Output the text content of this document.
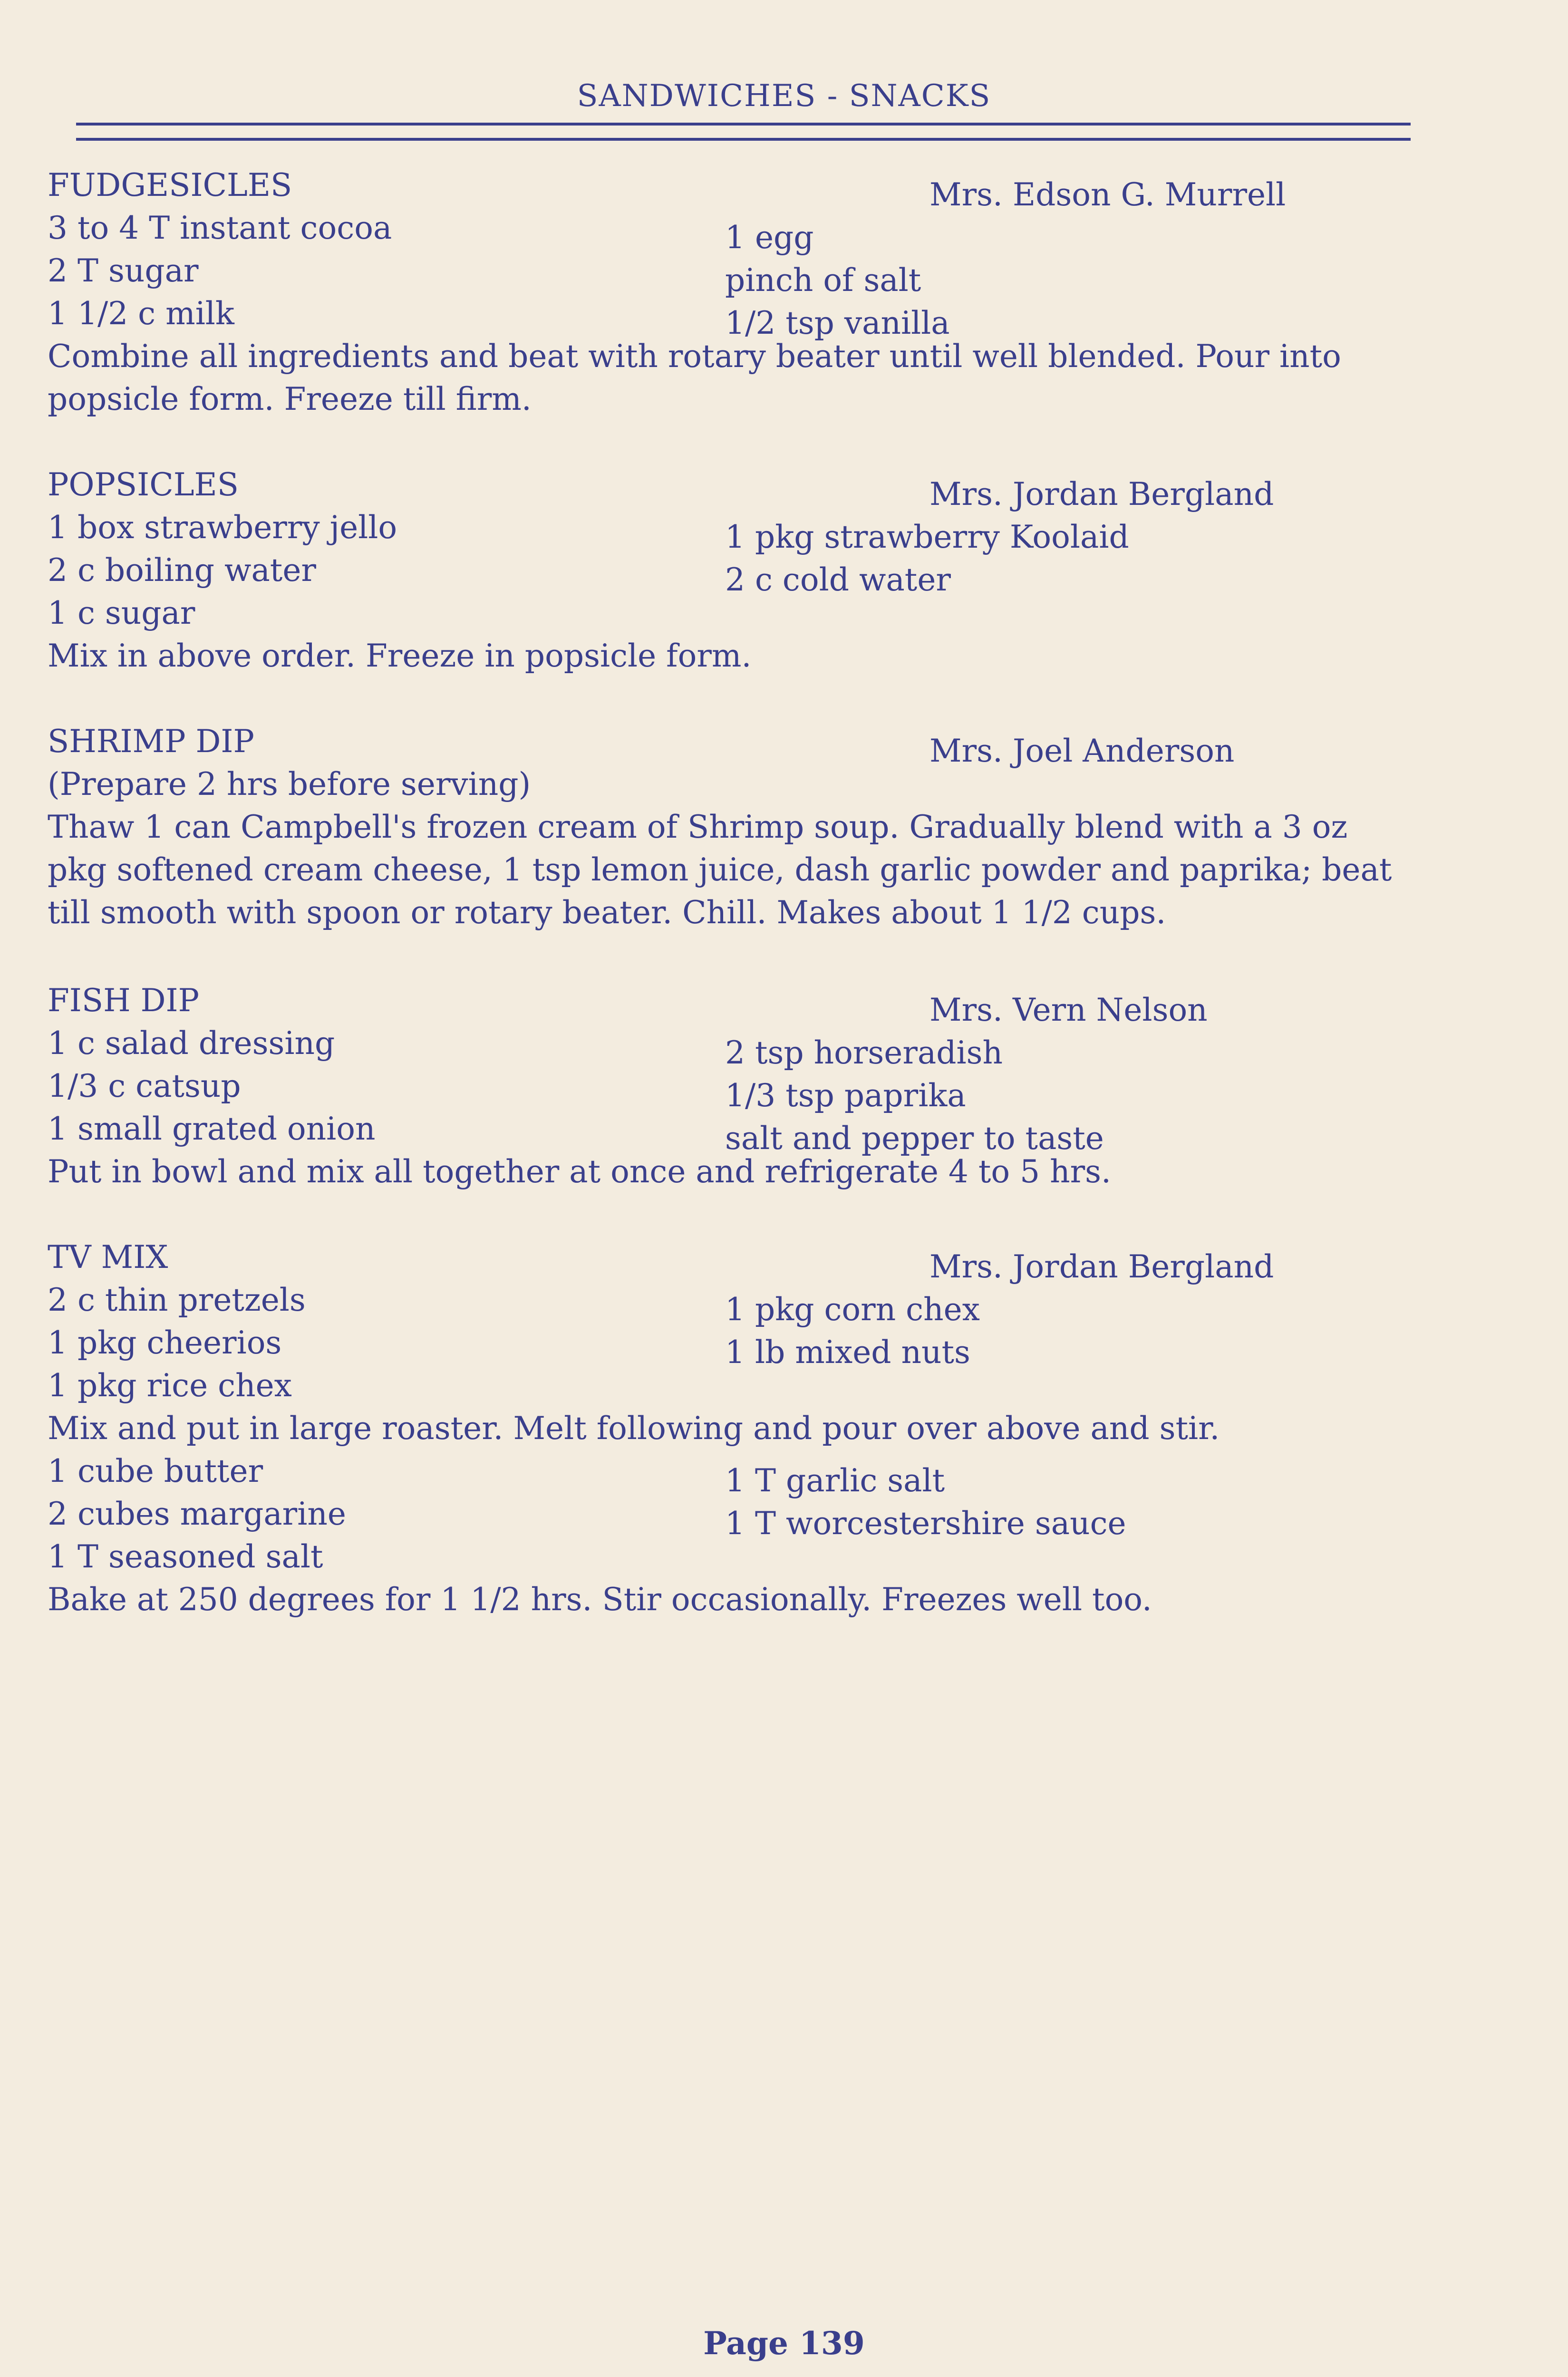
SANDWICHES - SNACKS
FUDGESICLES	Mrs. Edson G. Murrell
3 to 4 T instant cocoa	1 egg
2 T sugar	pinch of salt
1 1/2 c milk	1/2 tsp vanilla
Combine all ingredients and beat with rotary beater until well blended. Pour into
popsicle form. Freeze till firm.
POPSICLES	Mrs. Jordan Bergland
1 box strawberry jello	1 pkg strawberry Koolaid
2 c boiling water	2 c cold water
1 c sugar
Mix in above order. Freeze in popsicle form.
SHRIMP DIP	Mrs. Joel Anderson
(Prepare 2 hrs before serving)
Thaw 1 can Campbell's frozen cream of Shrimp soup. Gradually blend with a 3 oz
pkg softened cream cheese, 1 tsp lemon juice, dash garlic powder and paprika; beat
till smooth with spoon or rotary beater. Chill. Makes about 1 1/2 cups.
FISH DIP	Mrs. Vern Nelson
1 c salad dressing	2 tsp horseradish
1/3 c catsup	1/3 tsp paprika
1 small grated onion	salt and pepper to taste
Put in bowl and mix all together at once and refrigerate 4 to 5 hrs.
TV MIX	Mrs. Jordan Bergland
2 c thin pretzels	1 pkg corn chex
1 pkg cheerios	1 lb mixed nuts
1 pkg rice chex
Mix and put in large roaster. Melt following and pour over above and stir.
1 cube butter	1 T garlic salt
2 cubes margarine	1 T worcestershire sauce
1 T seasoned salt
Bake at 250 degrees for 1 1/2 hrs. Stir occasionally. Freezes well too.
Page 139
